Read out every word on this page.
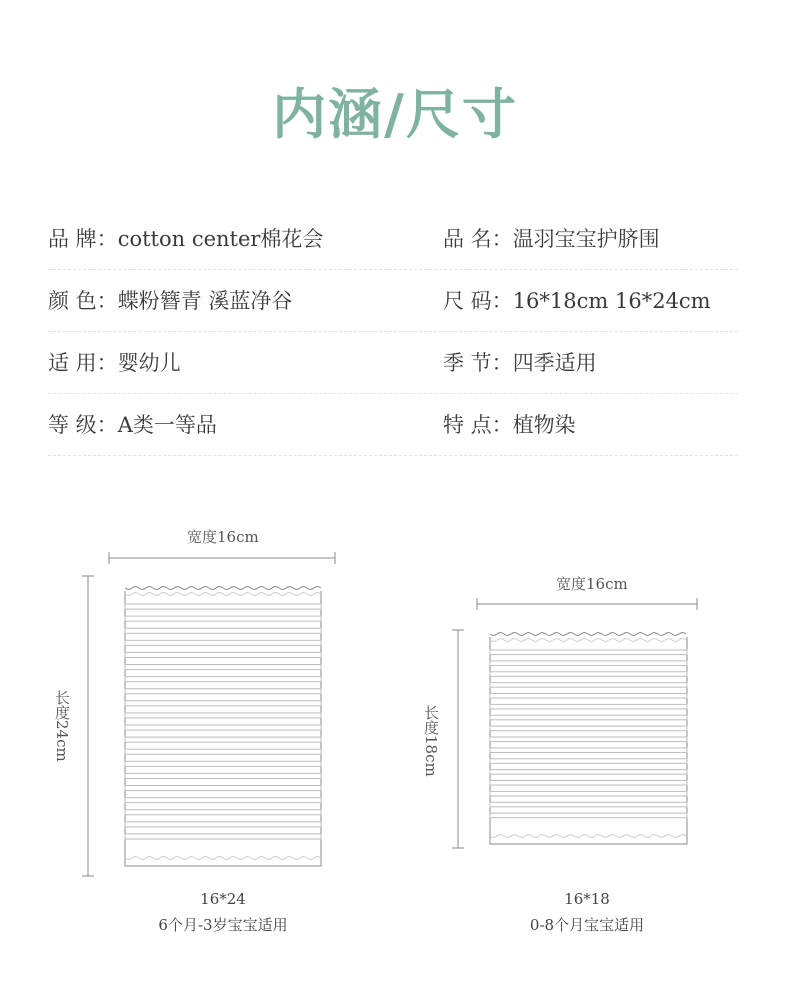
内涵/尺寸
品 牌：cotton center棉花会	品 名：温羽宝宝护脐围
颜 色：蝶粉簪青 溪蓝净谷	尺 码：16*18cm 16*24cm
适 用：婴幼儿	季 节：四季适用
等 级：A类一等品	特 点：植物染
宽度16cm
长度24cm
16*24
6个月-3岁宝宝适用
宽度16cm
长度18cm
16*18
0-8个月宝宝适用
